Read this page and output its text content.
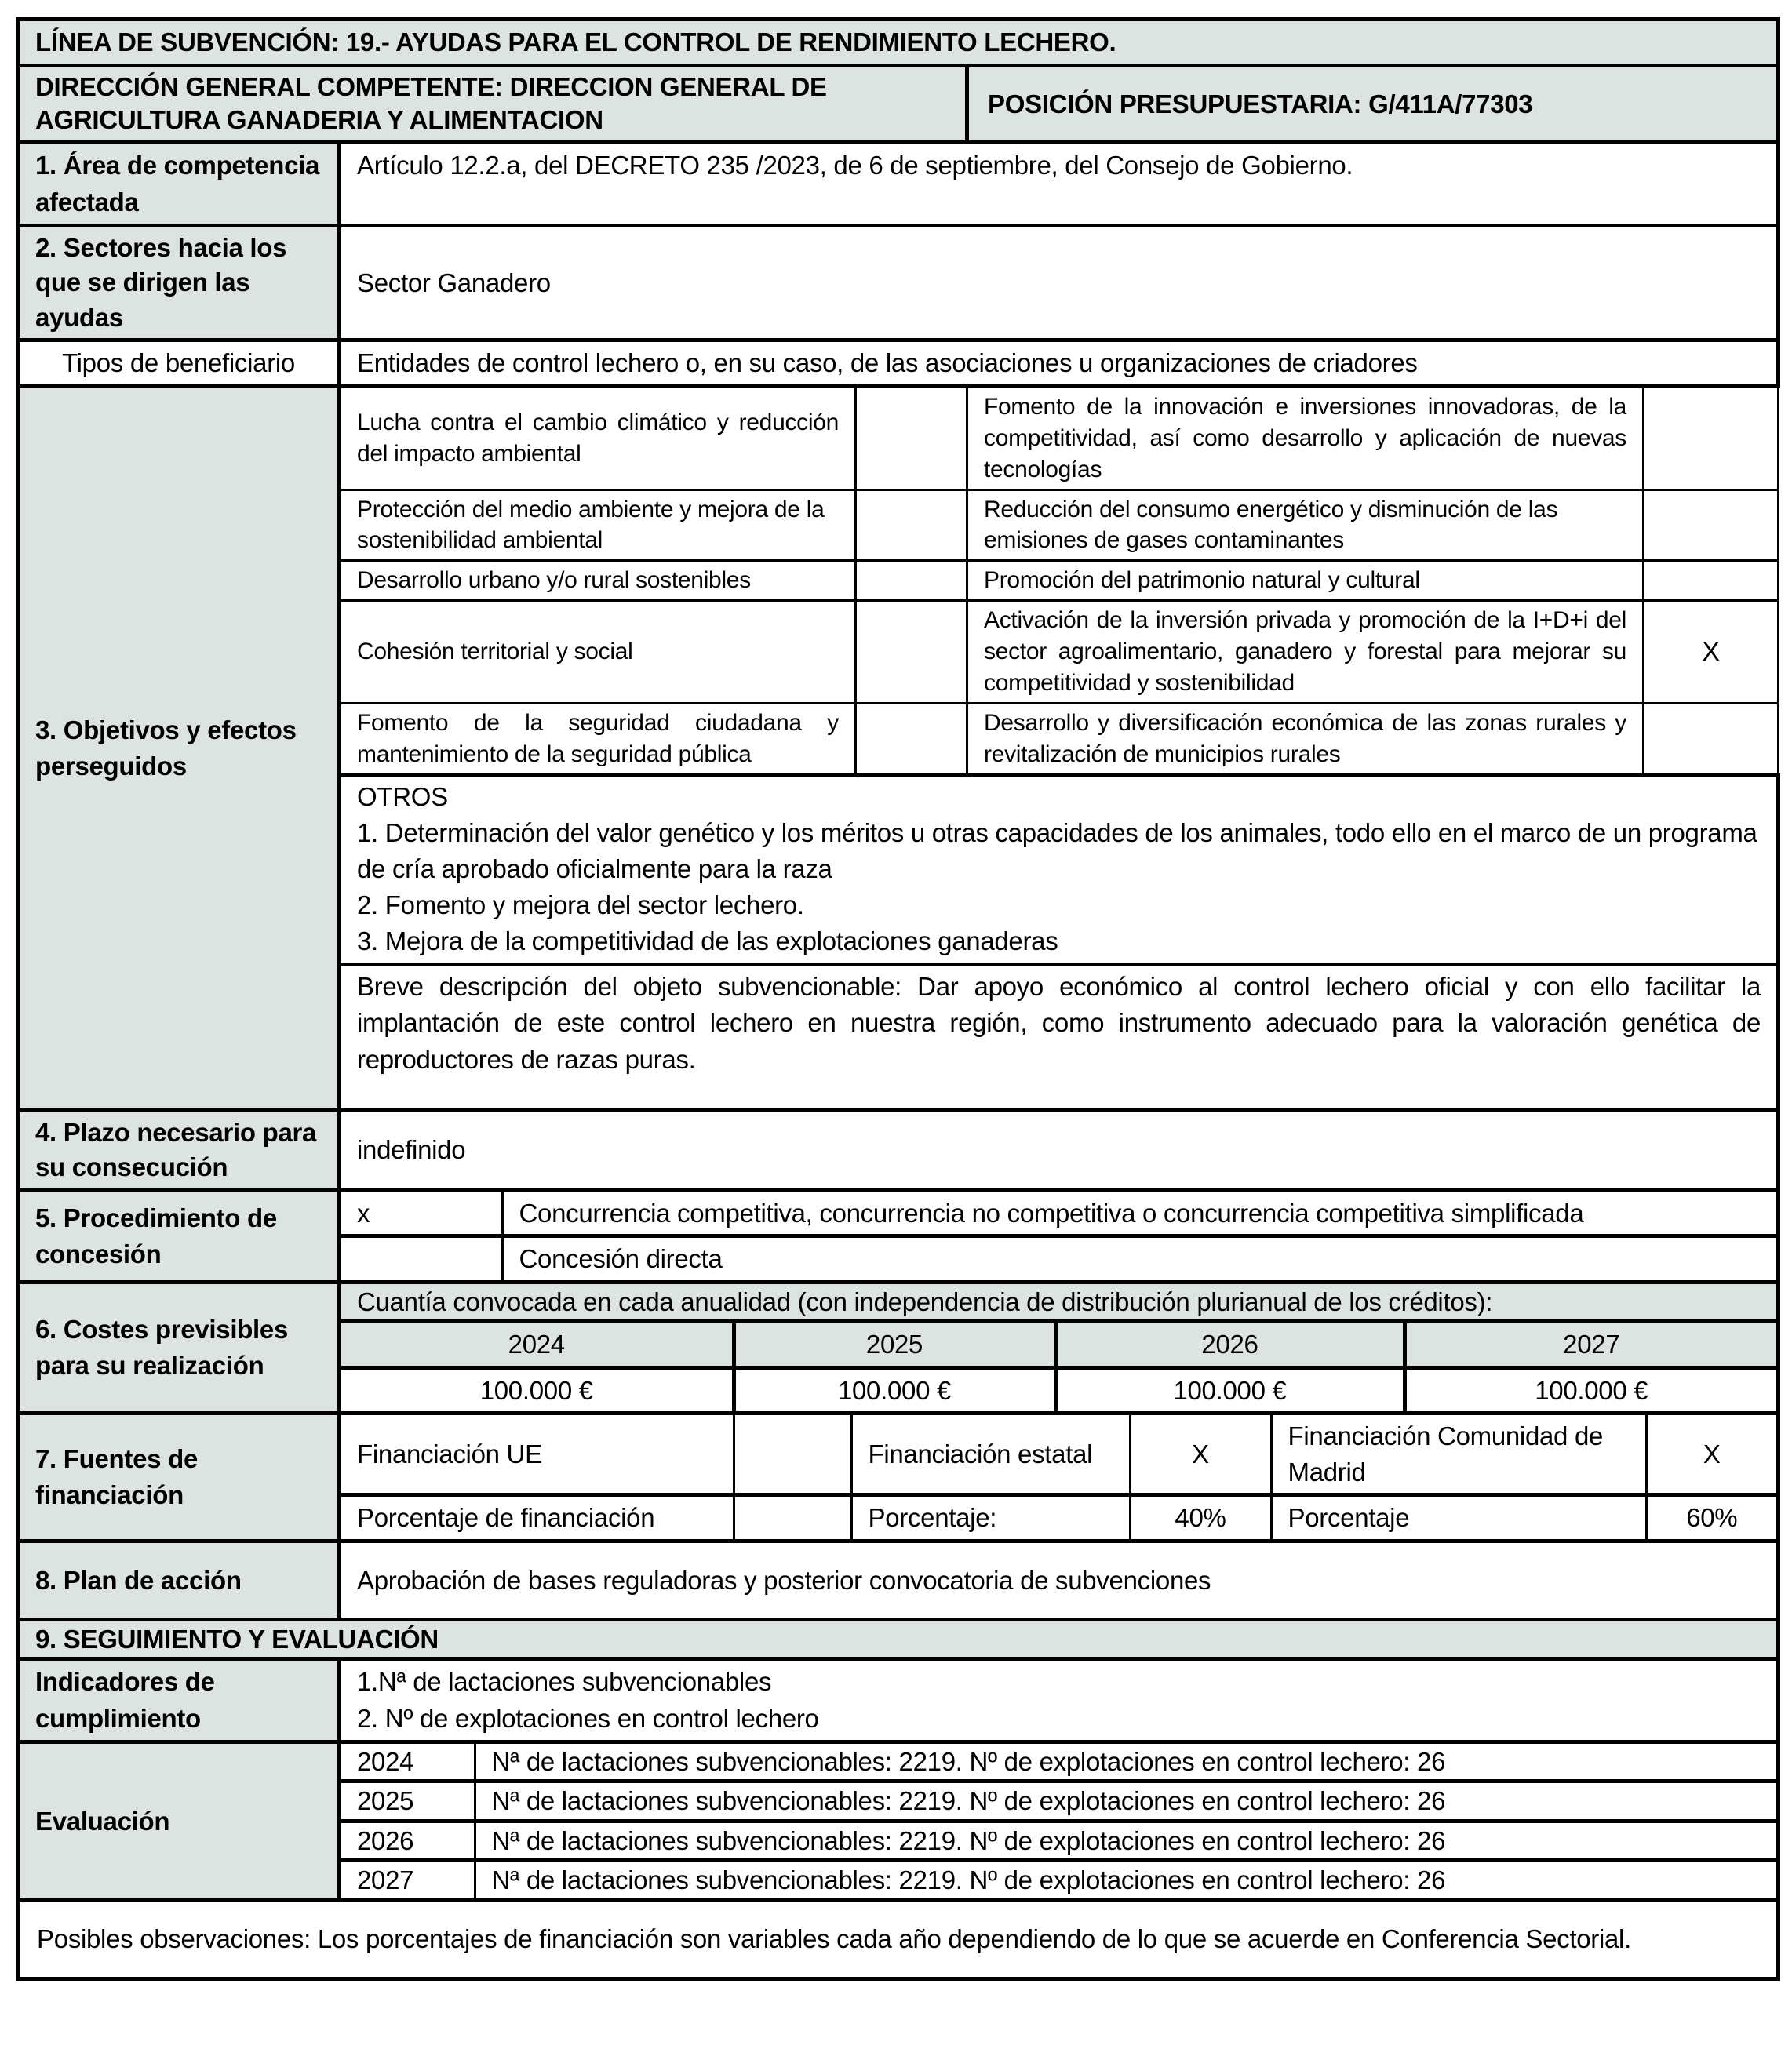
LÍNEA DE SUBVENCIÓN: 19.- AYUDAS PARA EL CONTROL DE RENDIMIENTO LECHERO.
DIRECCIÓN GENERAL COMPETENTE: DIRECCION GENERAL DE AGRICULTURA GANADERIA Y ALIMENTACION	POSICIÓN PRESUPUESTARIA: G/411A/77303
1. Área de competencia afectada	Artículo 12.2.a, del DECRETO 235 /2023, de 6 de septiembre, del Consejo de Gobierno.
2. Sectores hacia los que se dirigen las ayudas	Sector Ganadero
Tipos de beneficiario	Entidades de control lechero o, en su caso, de las asociaciones u organizaciones de criadores
3. Objetivos y efectos perseguidos	Lucha contra el cambio climático y reducción del impacto ambiental		Fomento de la innovación e inversiones innovadoras, de la competitividad, así como desarrollo y aplicación de nuevas tecnologías	
Protección del medio ambiente y mejora de la sostenibilidad ambiental		Reducción del consumo energético y disminución de las emisiones de gases contaminantes	
Desarrollo urbano y/o rural sostenibles		Promoción del patrimonio natural y cultural	
Cohesión territorial y social		Activación de la inversión privada y promoción de la I+D+i del sector agroalimentario, ganadero y forestal para mejorar su competitividad y sostenibilidad	X
Fomento de la seguridad ciudadana y mantenimiento de la seguridad pública		Desarrollo y diversificación económica de las zonas rurales y revitalización de municipios rurales	

OTROS
1. Determinación del valor genético y los méritos u otras capacidades de los animales, todo ello en el marco de un programa de cría aprobado oficialmente para la raza
2. Fomento y mejora del sector lechero.
3. Mejora de la competitividad de las explotaciones ganaderas

Breve descripción del objeto subvencionable: Dar apoyo económico al control lechero oficial y con ello facilitar la implantación de este control lechero en nuestra región, como instrumento adecuado para la valoración genética de reproductores de razas puras.
4. Plazo necesario para su consecución	indefinido
5. Procedimiento de concesión	
x	Concurrencia competitiva, concurrencia no competitiva o concurrencia competitiva simplificada
	Concesión directa

6. Costes previsibles para su realización	
Cuantía convocada en cada anualidad (con independencia de distribución plurianual de los créditos):
2024	2025	2026	2027
100.000 €	100.000 €	100.000 €	100.000 €

7. Fuentes de financiación	
Financiación UE		Financiación estatal	X	Financiación Comunidad de Madrid	X
Porcentaje de financiación		Porcentaje:	40%	Porcentaje	60%

8. Plan de acción	Aprobación de bases reguladoras y posterior convocatoria de subvenciones
9. SEGUIMIENTO Y EVALUACIÓN
Indicadores de cumplimiento	
1.Nª de lactaciones subvencionables
2. Nº de explotaciones en control lechero

Evaluación	
2024	Nª de lactaciones subvencionables: 2219. Nº de explotaciones en control lechero: 26
2025	Nª de lactaciones subvencionables: 2219. Nº de explotaciones en control lechero: 26
2026	Nª de lactaciones subvencionables: 2219. Nº de explotaciones en control lechero: 26
2027	Nª de lactaciones subvencionables: 2219. Nº de explotaciones en control lechero: 26

Posibles observaciones: Los porcentajes de financiación son variables cada año dependiendo de lo que se acuerde en Conferencia Sectorial.
